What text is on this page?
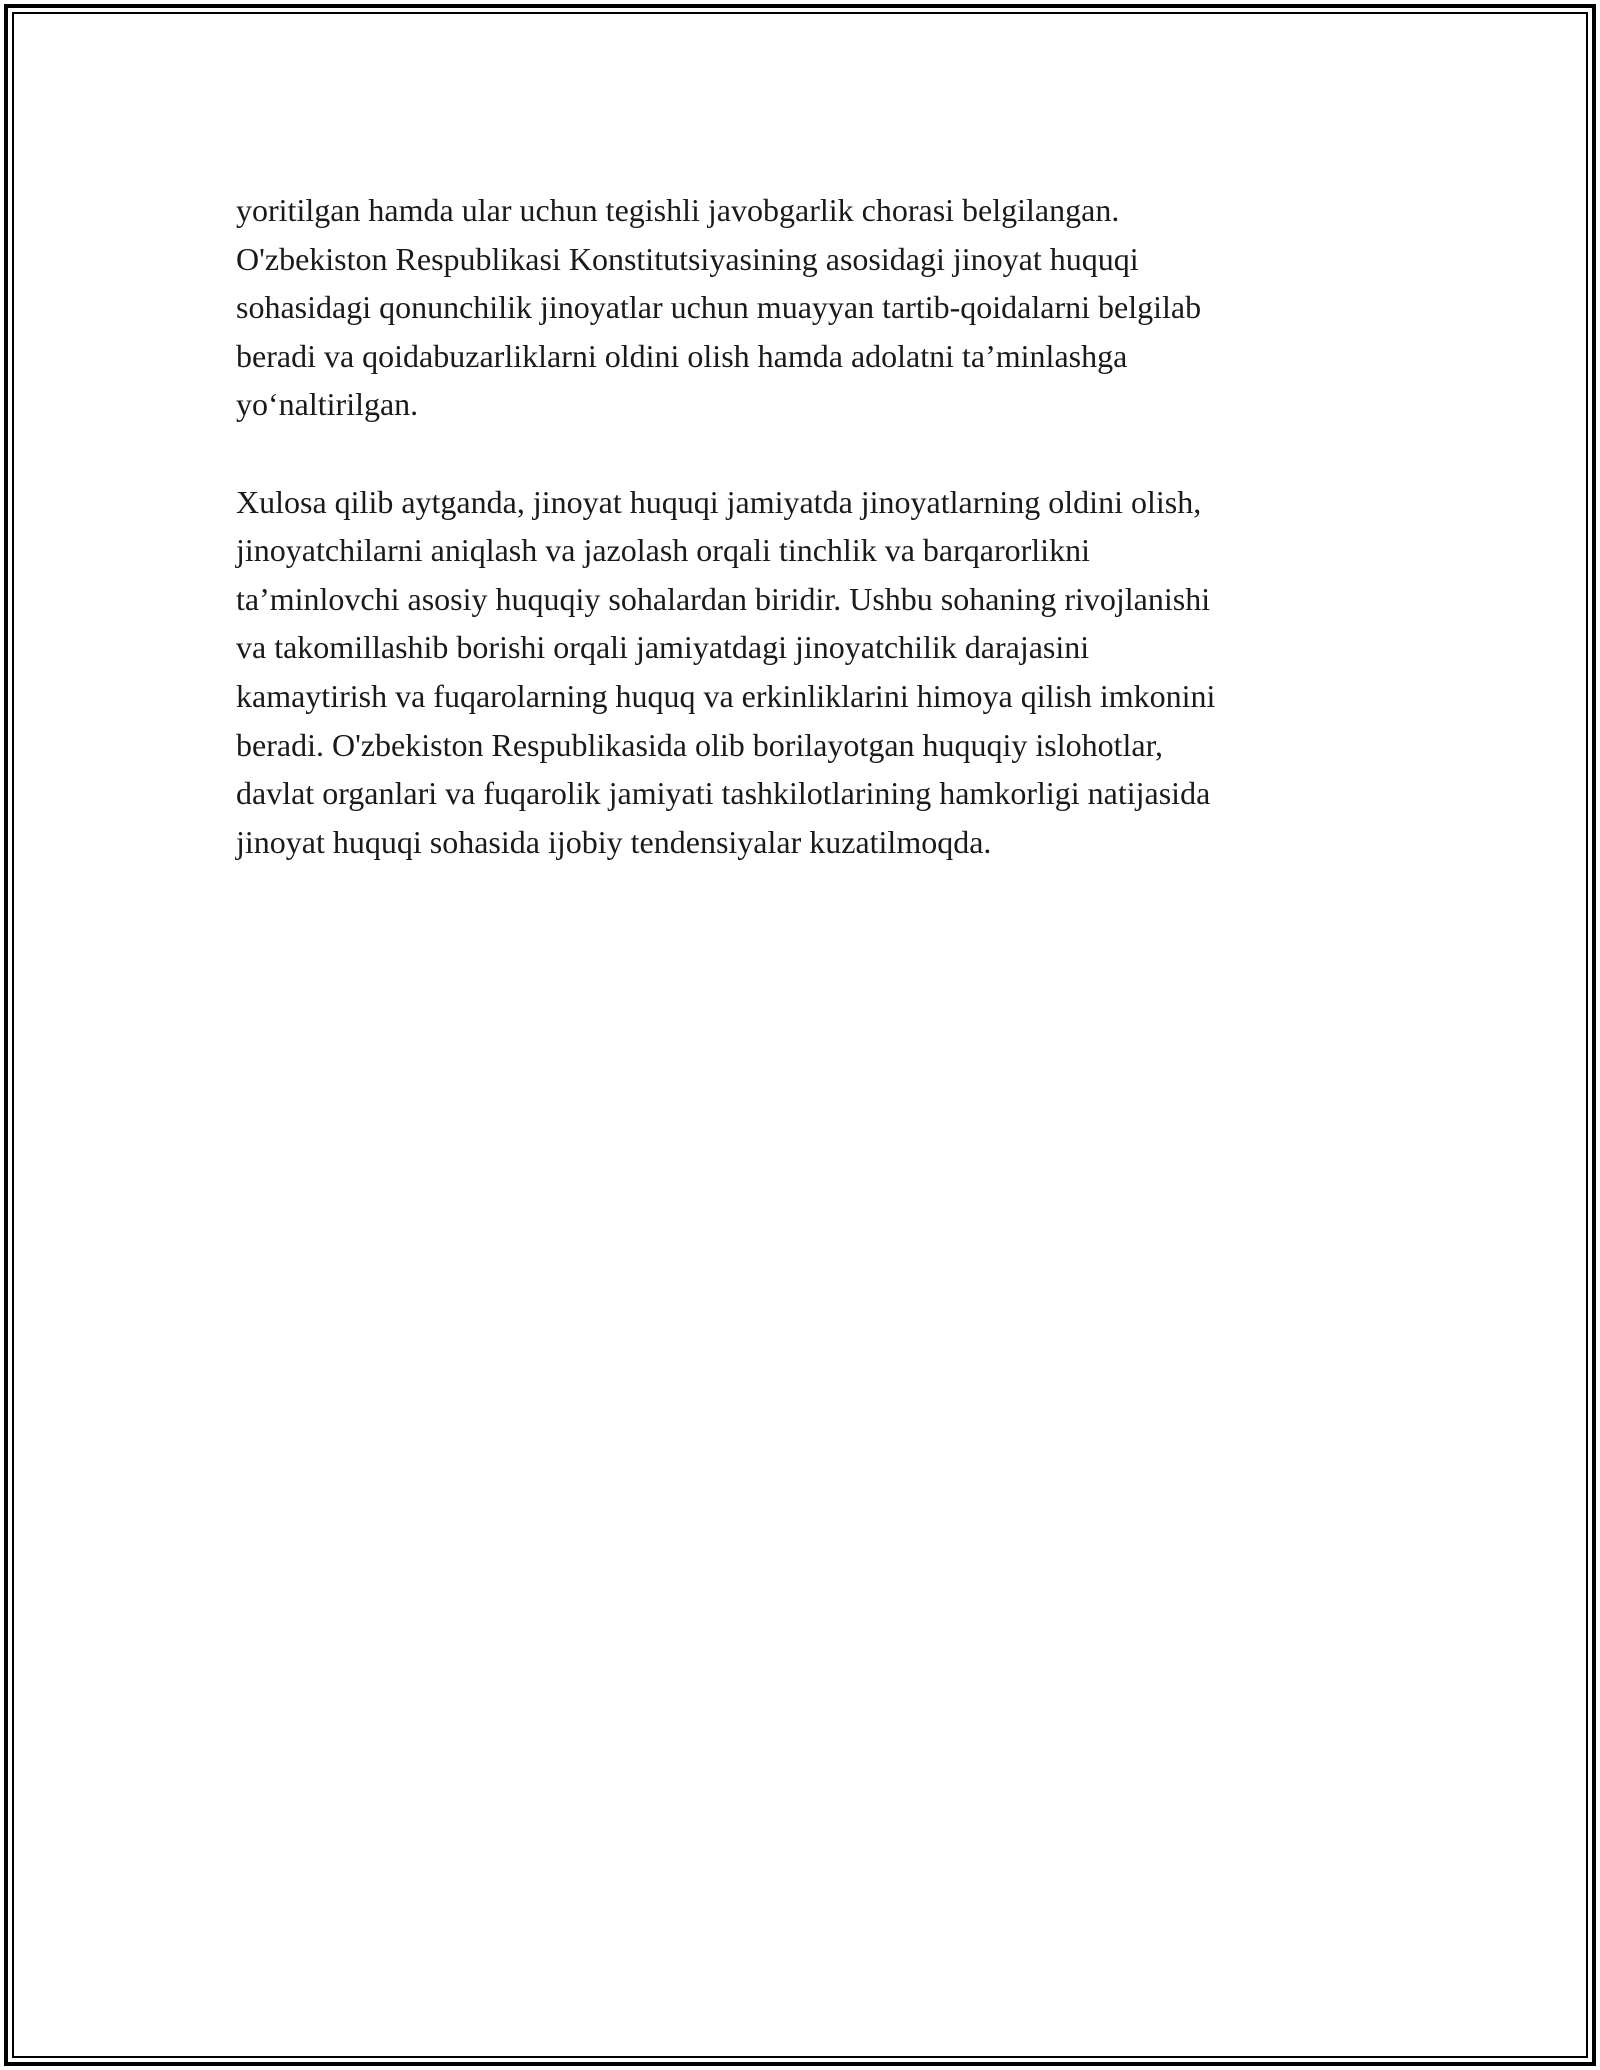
yoritilgan hamda ular uchun tegishli javobgarlik chorasi belgilangan.
O'zbekiston Respublikasi Konstitutsiyasining asosidagi jinoyat huquqi
sohasidagi qonunchilik jinoyatlar uchun muayyan tartib-qoidalarni belgilab
beradi va qoidabuzarliklarni oldini olish hamda adolatni ta’minlashga
yo‘naltirilgan.
Xulosa qilib aytganda, jinoyat huquqi jamiyatda jinoyatlarning oldini olish,
jinoyatchilarni aniqlash va jazolash orqali tinchlik va barqarorlikni
ta’minlovchi asosiy huquqiy sohalardan biridir. Ushbu sohaning rivojlanishi
va takomillashib borishi orqali jamiyatdagi jinoyatchilik darajasini
kamaytirish va fuqarolarning huquq va erkinliklarini himoya qilish imkonini
beradi. O'zbekiston Respublikasida olib borilayotgan huquqiy islohotlar,
davlat organlari va fuqarolik jamiyati tashkilotlarining hamkorligi natijasida
jinoyat huquqi sohasida ijobiy tendensiyalar kuzatilmoqda.
